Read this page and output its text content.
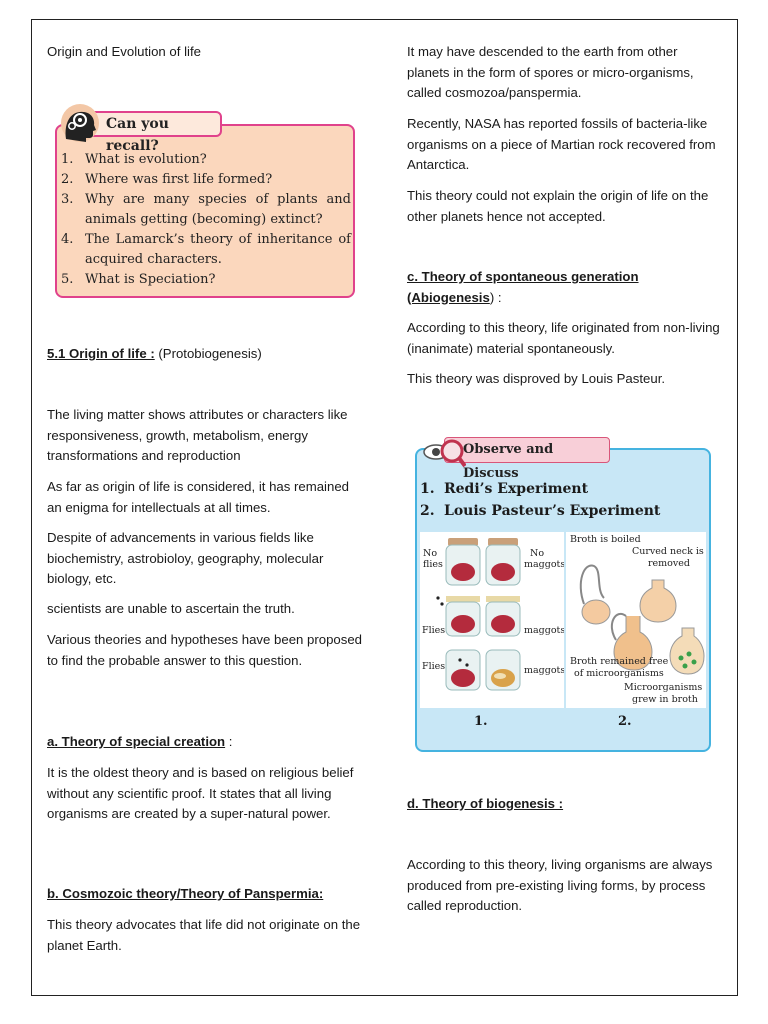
Origin and Evolution of life
5.1 Origin of life : (Protobiogenesis)
The living matter shows attributes or characters like responsiveness, growth, metabolism, energy transformations and reproduction
As far as origin of life is considered, it has remained an enigma for intellectuals at all times.
Despite of advancements in various fields like biochemistry, astrobioloy, geography, molecular biology, etc.
scientists are unable to ascertain the truth.
Various theories and hypotheses have been proposed to find the probable answer to this question.
a. Theory of special creation :
It is the oldest theory and is based on religious belief without any scientific proof. It states that all living organisms are created by a super-natural power.
b. Cosmozoic theory/Theory of Panspermia:
This theory advocates that life did not originate on the planet Earth.
1. What is evolution?
2. Where was first life formed?
3. Why are many species of plants and animals getting (becoming) extinct?
4. The Lamarck’s theory of inheritance of acquired characters.
5. What is Speciation?
Can you recall?
It may have descended to the earth from other planets in the form of spores or micro-organisms, called cosmozoa/panspermia.
Recently, NASA has reported fossils of bacteria-like organisms on a piece of Martian rock recovered from Antarctica.
This theory could not explain the origin of life on the other planets hence not accepted.
c. Theory of spontaneous generation
(Abiogenesis) :
According to this theory, life originated from non-living (inanimate) material spontaneously.
This theory was disproved by Louis Pasteur.
d. Theory of biogenesis :
According to this theory, living organisms are always produced from pre-existing living forms, by process called reproduction.
Observe and Discuss
1. Redi’s Experiment
2. Louis Pasteur’s Experiment
No
flies
No
maggots
Flies	maggots
Flies	maggots
1.
Broth is boiled
Curved neck is
removed
Broth remained free
of microorganisms
Microorganisms
grew in broth
2.
